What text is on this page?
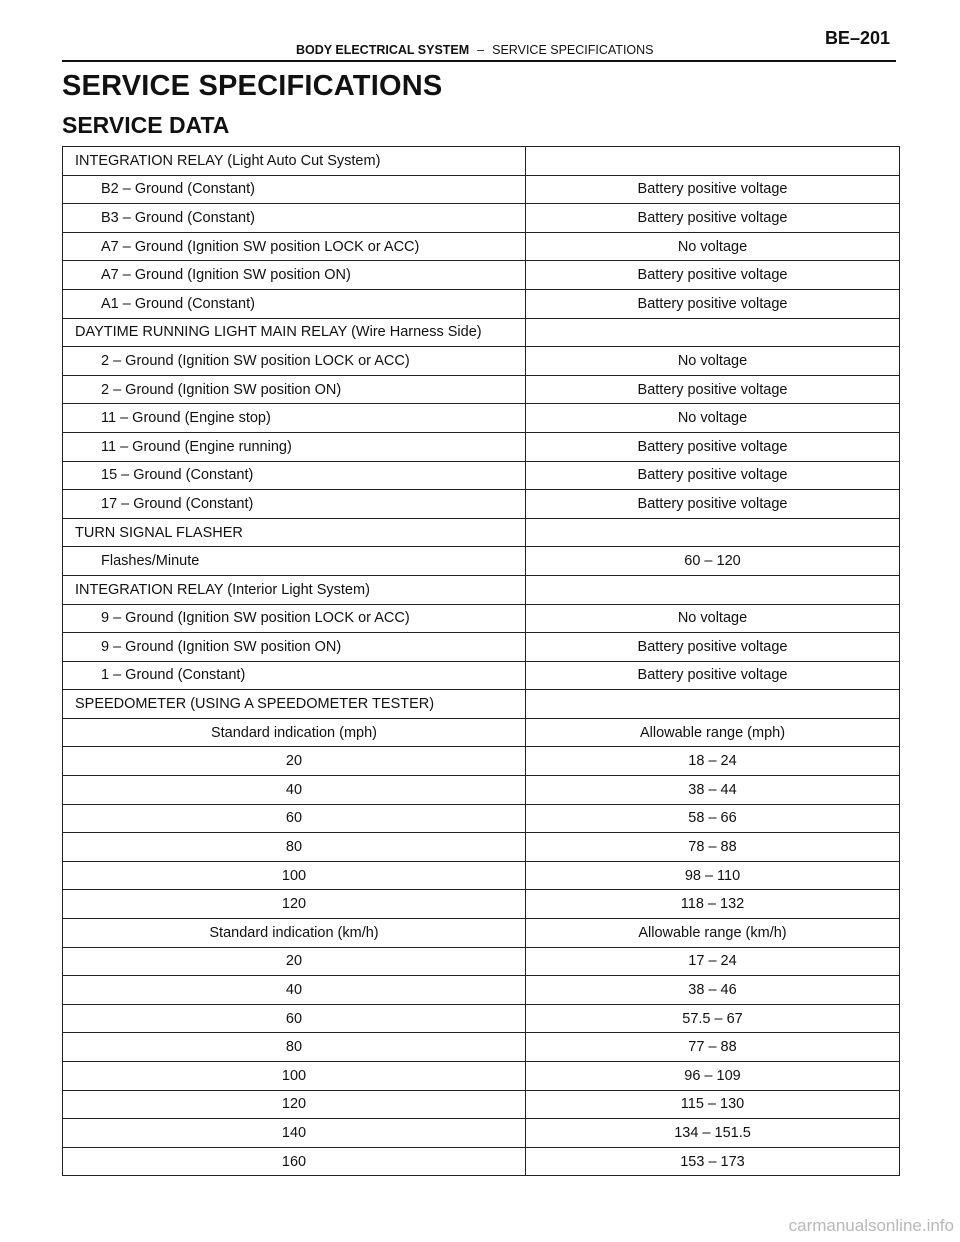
BODY ELECTRICAL SYSTEM – SERVICE SPECIFICATIONS
BE–201
SERVICE SPECIFICATIONS
SERVICE DATA
INTEGRATION RELAY (Light Auto Cut System)	
B2 – Ground (Constant)	Battery positive voltage
B3 – Ground (Constant)	Battery positive voltage
A7 – Ground (Ignition SW position LOCK or ACC)	No voltage
A7 – Ground (Ignition SW position ON)	Battery positive voltage
A1 – Ground (Constant)	Battery positive voltage
DAYTIME RUNNING LIGHT MAIN RELAY (Wire Harness Side)	
2 – Ground (Ignition SW position LOCK or ACC)	No voltage
2 – Ground (Ignition SW position ON)	Battery positive voltage
11 – Ground (Engine stop)	No voltage
11 – Ground (Engine running)	Battery positive voltage
15 – Ground (Constant)	Battery positive voltage
17 – Ground (Constant)	Battery positive voltage
TURN SIGNAL FLASHER	
Flashes/Minute	60 – 120
INTEGRATION RELAY (Interior Light System)	
9 – Ground (Ignition SW position LOCK or ACC)	No voltage
9 – Ground (Ignition SW position ON)	Battery positive voltage
1 – Ground (Constant)	Battery positive voltage
SPEEDOMETER (USING A SPEEDOMETER TESTER)	
Standard indication (mph)	Allowable range (mph)
20	18 – 24
40	38 – 44
60	58 – 66
80	78 – 88
100	98 – 110
120	118 – 132
Standard indication (km/h)	Allowable range (km/h)
20	17 – 24
40	38 – 46
60	57.5 – 67
80	77 – 88
100	96 – 109
120	115 – 130
140	134 – 151.5
160	153 – 173
carmanualsonline.info
